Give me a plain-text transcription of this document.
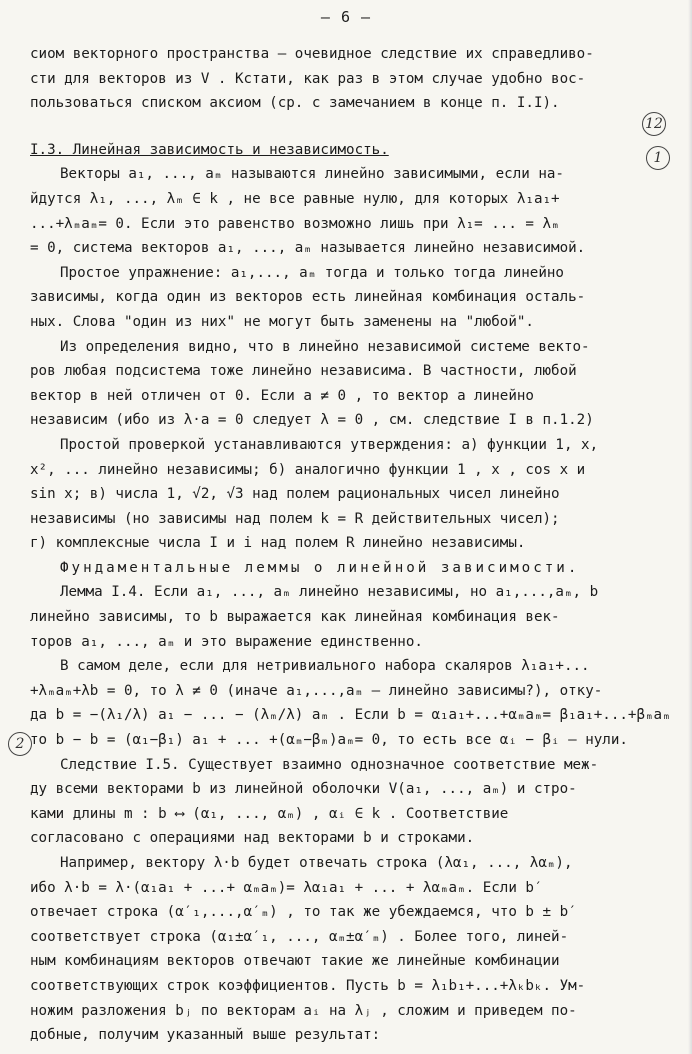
– 6 –
сиом векторного пространства – очевидное следствие их справедливо-
сти для векторов из V . Кстати, как раз в этом случае удобно вос-
пользоваться списком аксиом (ср. с замечанием в конце п. I.I).
I.3. Линейная зависимость и независимость.
Векторы a₁, ..., aₘ называются линейно зависимыми, если на-
йдутся λ₁, ..., λₘ ∈ k , не все равные нулю, для которых λ₁a₁+
...+λₘaₘ= 0. Если это равенство возможно лишь при λ₁= ... = λₘ
= 0, система векторов a₁, ..., aₘ называется линейно независимой.
Простое упражнение: a₁,..., aₘ тогда и только тогда линейно
зависимы, когда один из векторов есть линейная комбинация осталь-
ных. Слова "один из них" не могут быть заменены на "любой".
Из определения видно, что в линейно независимой системе векто-
ров любая подсистема тоже линейно независима. В частности, любой
вектор в ней отличен от 0. Если a ≠ 0 , то вектор a линейно
независим (ибо из λ·a = 0 следует λ = 0 , см. следствие I в п.1.2)
Простой проверкой устанавливаются утверждения: а) функции 1, x,
x², ... линейно независимы; б) аналогично функции 1 , x , cos x и
sin x; в) числа 1, √2, √3 над полем рациональных чисел линейно
независимы (но зависимы над полем k = R действительных чисел);
г) комплексные числа I и i над полем R линейно независимы.
Фундаментальные леммы о линейной зависимости.
Лемма I.4. Если a₁, ..., aₘ линейно независимы, но a₁,...,aₘ, b
линейно зависимы, то b выражается как линейная комбинация век-
торов a₁, ..., aₘ и это выражение единственно.
В самом деле, если для нетривиального набора скаляров λ₁a₁+...
+λₘaₘ+λb = 0, то λ ≠ 0 (иначе a₁,...,aₘ – линейно зависимы?), отку-
да b = −(λ₁/λ) a₁ − ... − (λₘ/λ) aₘ . Если b = α₁a₁+...+αₘaₘ= β₁a₁+...+βₘaₘ
то b − b = (α₁−β₁) a₁ + ... +(αₘ−βₘ)aₘ= 0, то есть все αᵢ − βᵢ – нули.
Следствие I.5. Существует взаимно однозначное соответствие меж-
ду всеми векторами b из линейной оболочки V(a₁, ..., aₘ) и стро-
ками длины m : b ⟷ (α₁, ..., αₘ) , αᵢ ∈ k . Соответствие
согласовано с операциями над векторами b и строками.
Например, вектору λ·b будет отвечать строка (λα₁, ..., λαₘ),
ибо λ·b = λ·(α₁a₁ + ...+ αₘaₘ)= λα₁a₁ + ... + λαₘaₘ. Если b′
отвечает строка (α′₁,...,α′ₘ) , то так же убеждаемся, что b ± b′
соответствует строка (α₁±α′₁, ..., αₘ±α′ₘ) . Более того, линей-
ным комбинациям векторов отвечают такие же линейные комбинации
соответствующих строк коэффициентов. Пусть b = λ₁b₁+...+λₖbₖ. Ум-
ножим разложения bⱼ по векторам aᵢ на λⱼ , сложим и приведем по-
добные, получим указанный выше результат:
12
1
2
